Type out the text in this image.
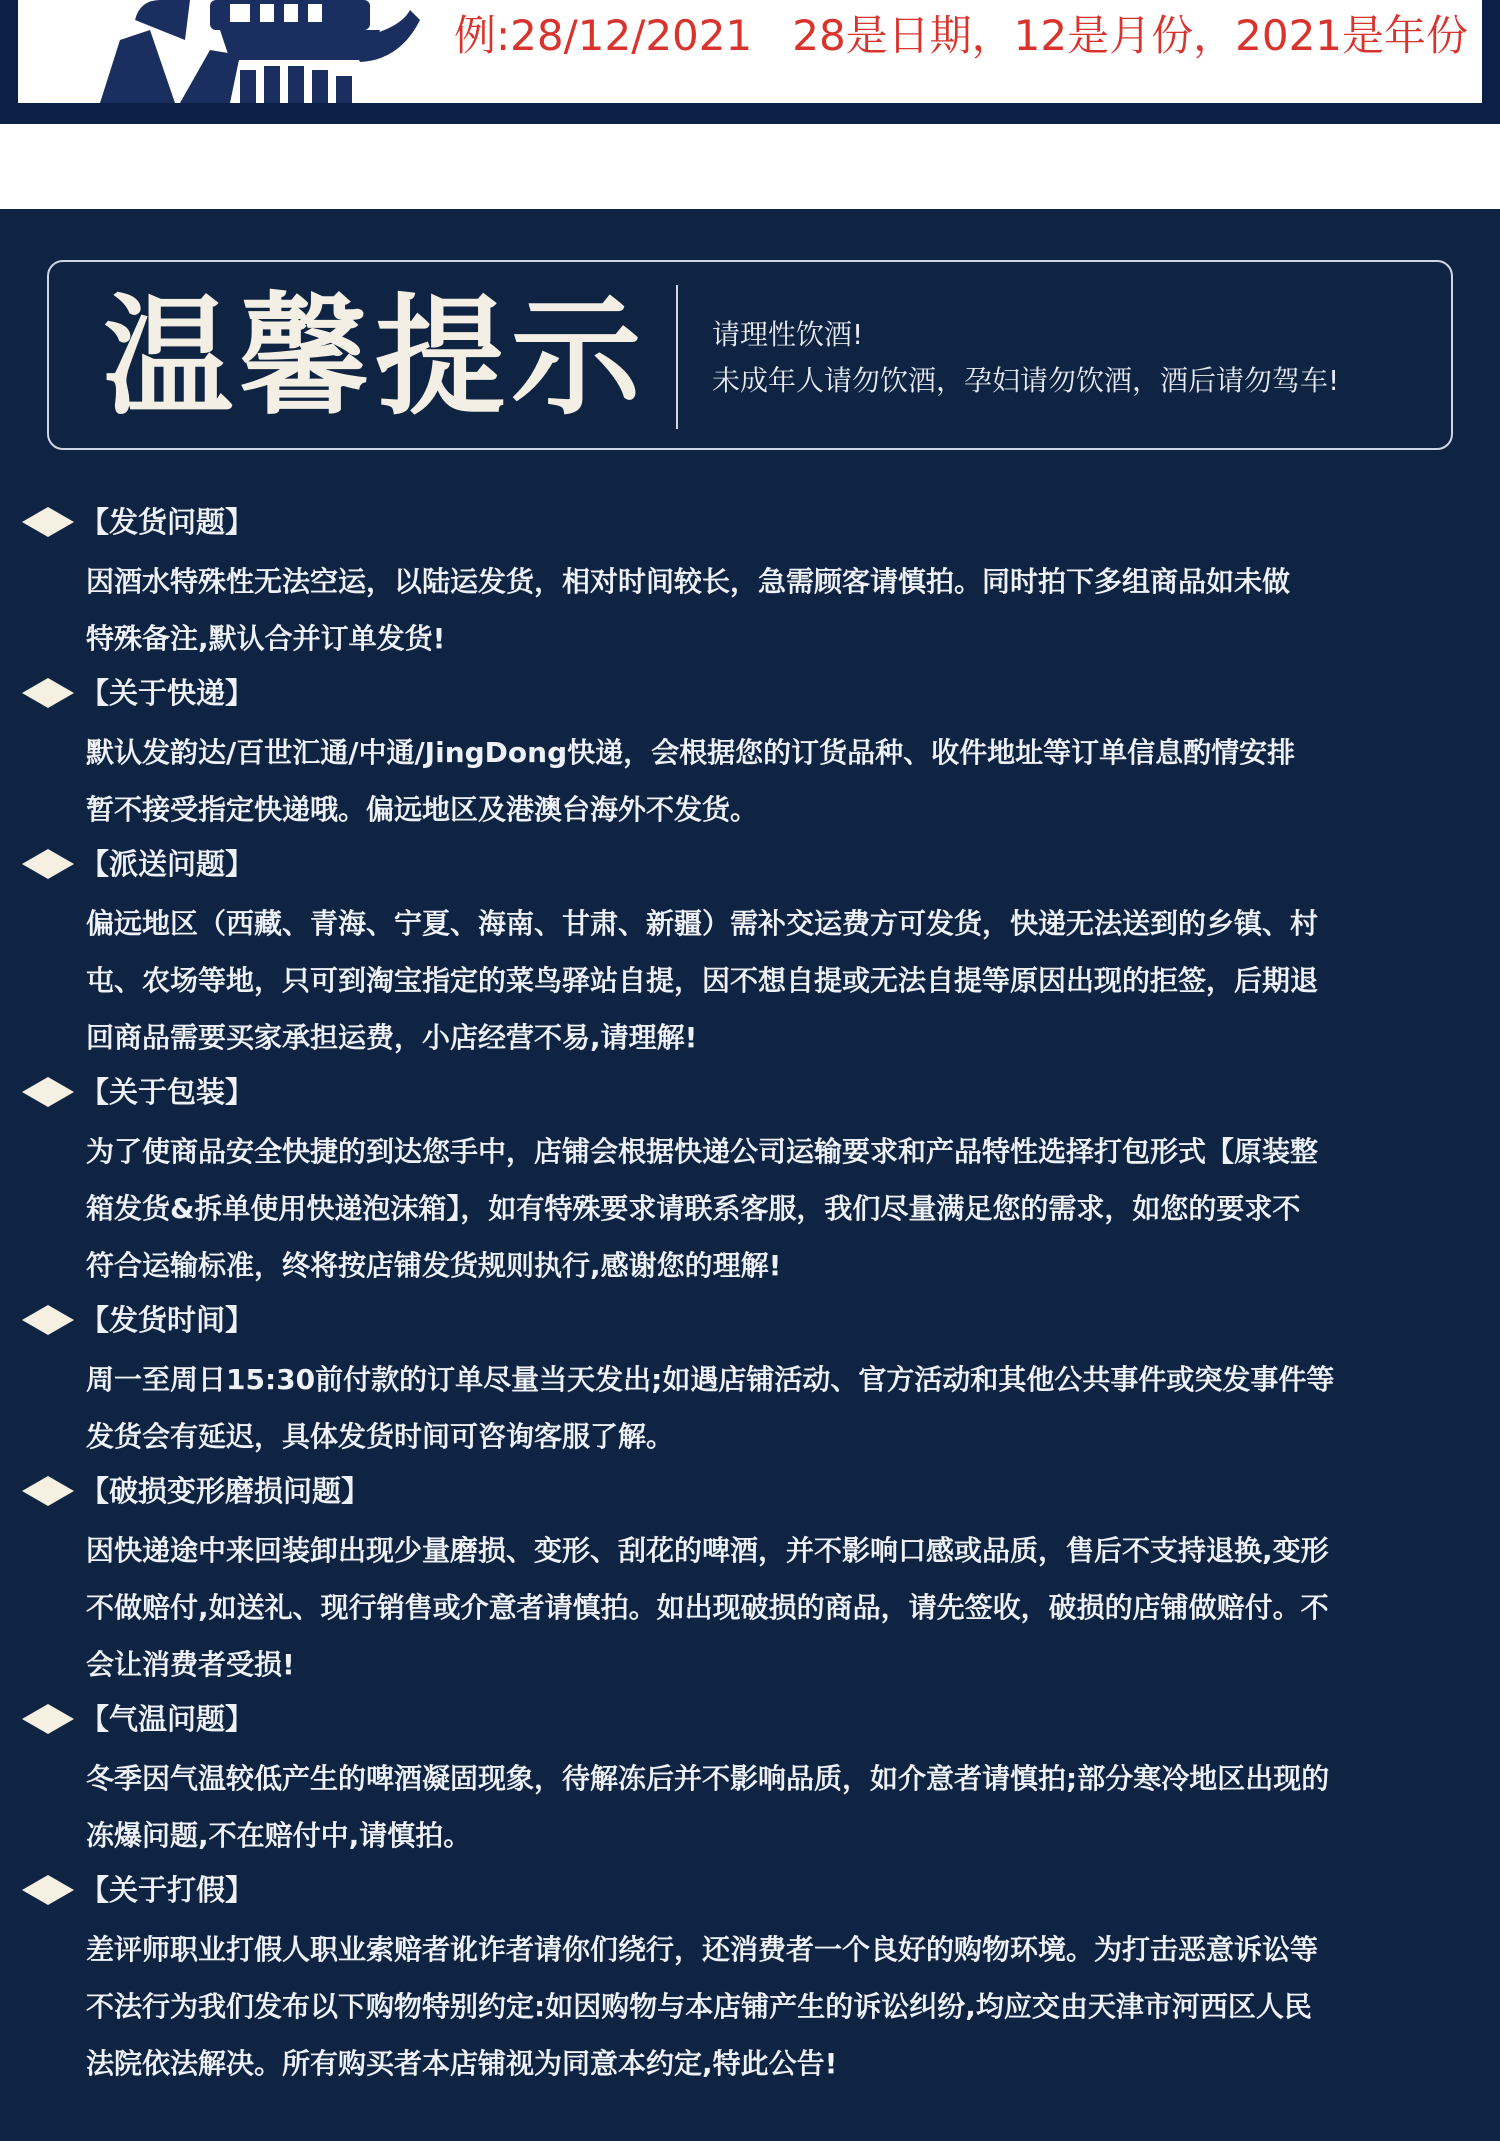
例:28/12/2021 28是日期，12是月份，2021是年份
温馨提示 请理性饮酒!
未成年人请勿饮酒，孕妇请勿饮酒，酒后请勿驾车!
【发货问题】
因酒水特殊性无法空运，以陆运发货，相对时间较长，急需顾客请慎拍。同时拍下多组商品如未做
特殊备注,默认合并订单发货!
【关于快递】
默认发韵达/百世汇通/中通/JingDong快递，会根据您的订货品种、收件地址等订单信息酌情安排
暂不接受指定快递哦。偏远地区及港澳台海外不发货。
【派送问题】
偏远地区（西藏、青海、宁夏、海南、甘肃、新疆）需补交运费方可发货，快递无法送到的乡镇、村
屯、农场等地，只可到淘宝指定的菜鸟驿站自提，因不想自提或无法自提等原因出现的拒签，后期退
回商品需要买家承担运费，小店经营不易,请理解!
【关于包装】
为了使商品安全快捷的到达您手中，店铺会根据快递公司运输要求和产品特性选择打包形式【原装整
箱发货&拆单使用快递泡沫箱】，如有特殊要求请联系客服，我们尽量满足您的需求，如您的要求不
符合运输标准，终将按店铺发货规则执行,感谢您的理解!
【发货时间】
周一至周日15:30前付款的订单尽量当天发出;如遇店铺活动、官方活动和其他公共事件或突发事件等
发货会有延迟，具体发货时间可咨询客服了解。
【破损变形磨损问题】
因快递途中来回装卸出现少量磨损、变形、刮花的啤酒，并不影响口感或品质，售后不支持退换,变形
不做赔付,如送礼、现行销售或介意者请慎拍。如出现破损的商品，请先签收，破损的店铺做赔付。不
会让消费者受损!
【气温问题】
冬季因气温较低产生的啤酒凝固现象，待解冻后并不影响品质，如介意者请慎拍;部分寒冷地区出现的
冻爆问题,不在赔付中,请慎拍。
【关于打假】
差评师职业打假人职业索赔者讹诈者请你们绕行，还消费者一个良好的购物环境。为打击恶意诉讼等
不法行为我们发布以下购物特别约定:如因购物与本店铺产生的诉讼纠纷,均应交由天津市河西区人民
法院依法解决。所有购买者本店铺视为同意本约定,特此公告!
